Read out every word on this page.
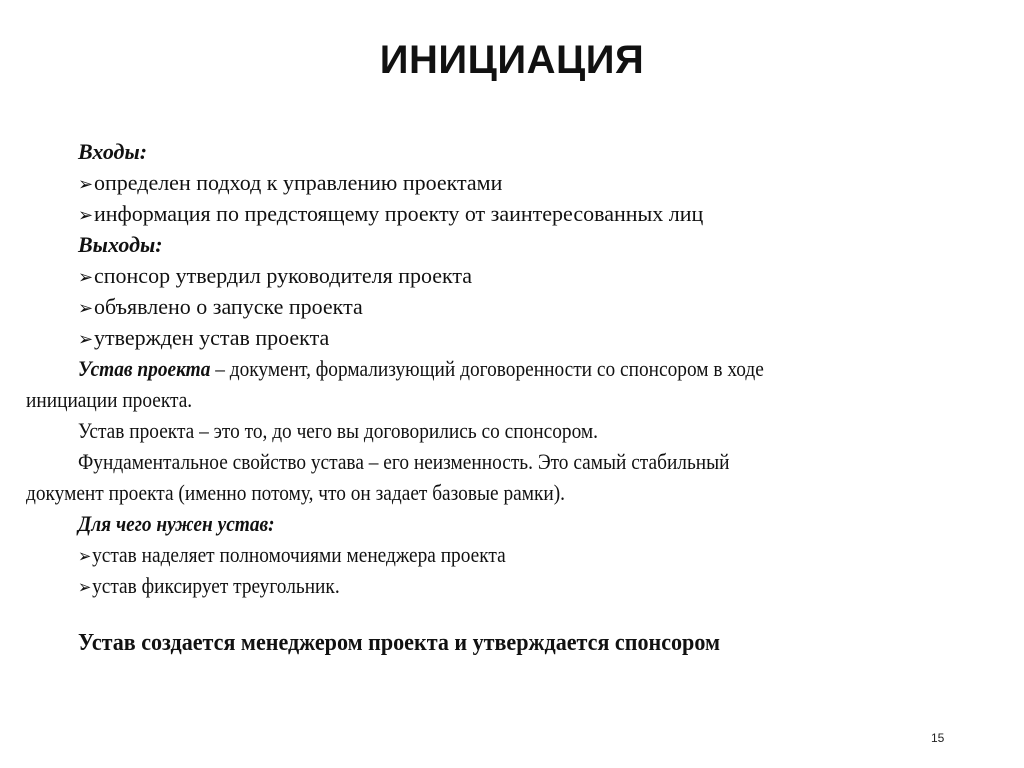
ИНИЦИАЦИЯ
Входы:
➢определен подход к управлению проектами
➢информация по предстоящему проекту от заинтересованных лиц
Выходы:
➢спонсор утвердил руководителя проекта
➢объявлено о запуске проекта
➢утвержден устав проекта
Устав проекта – документ, формализующий договоренности со спонсором в ходе
инициации проекта.
Устав проекта – это то, до чего вы договорились со спонсором.
Фундаментальное свойство устава – его неизменность. Это самый стабильный
документ проекта (именно потому, что он задает базовые рамки).
Для чего нужен устав:
➢устав наделяет полномочиями менеджера проекта
➢устав фиксирует треугольник.
Устав создается менеджером проекта и утверждается спонсором
15
